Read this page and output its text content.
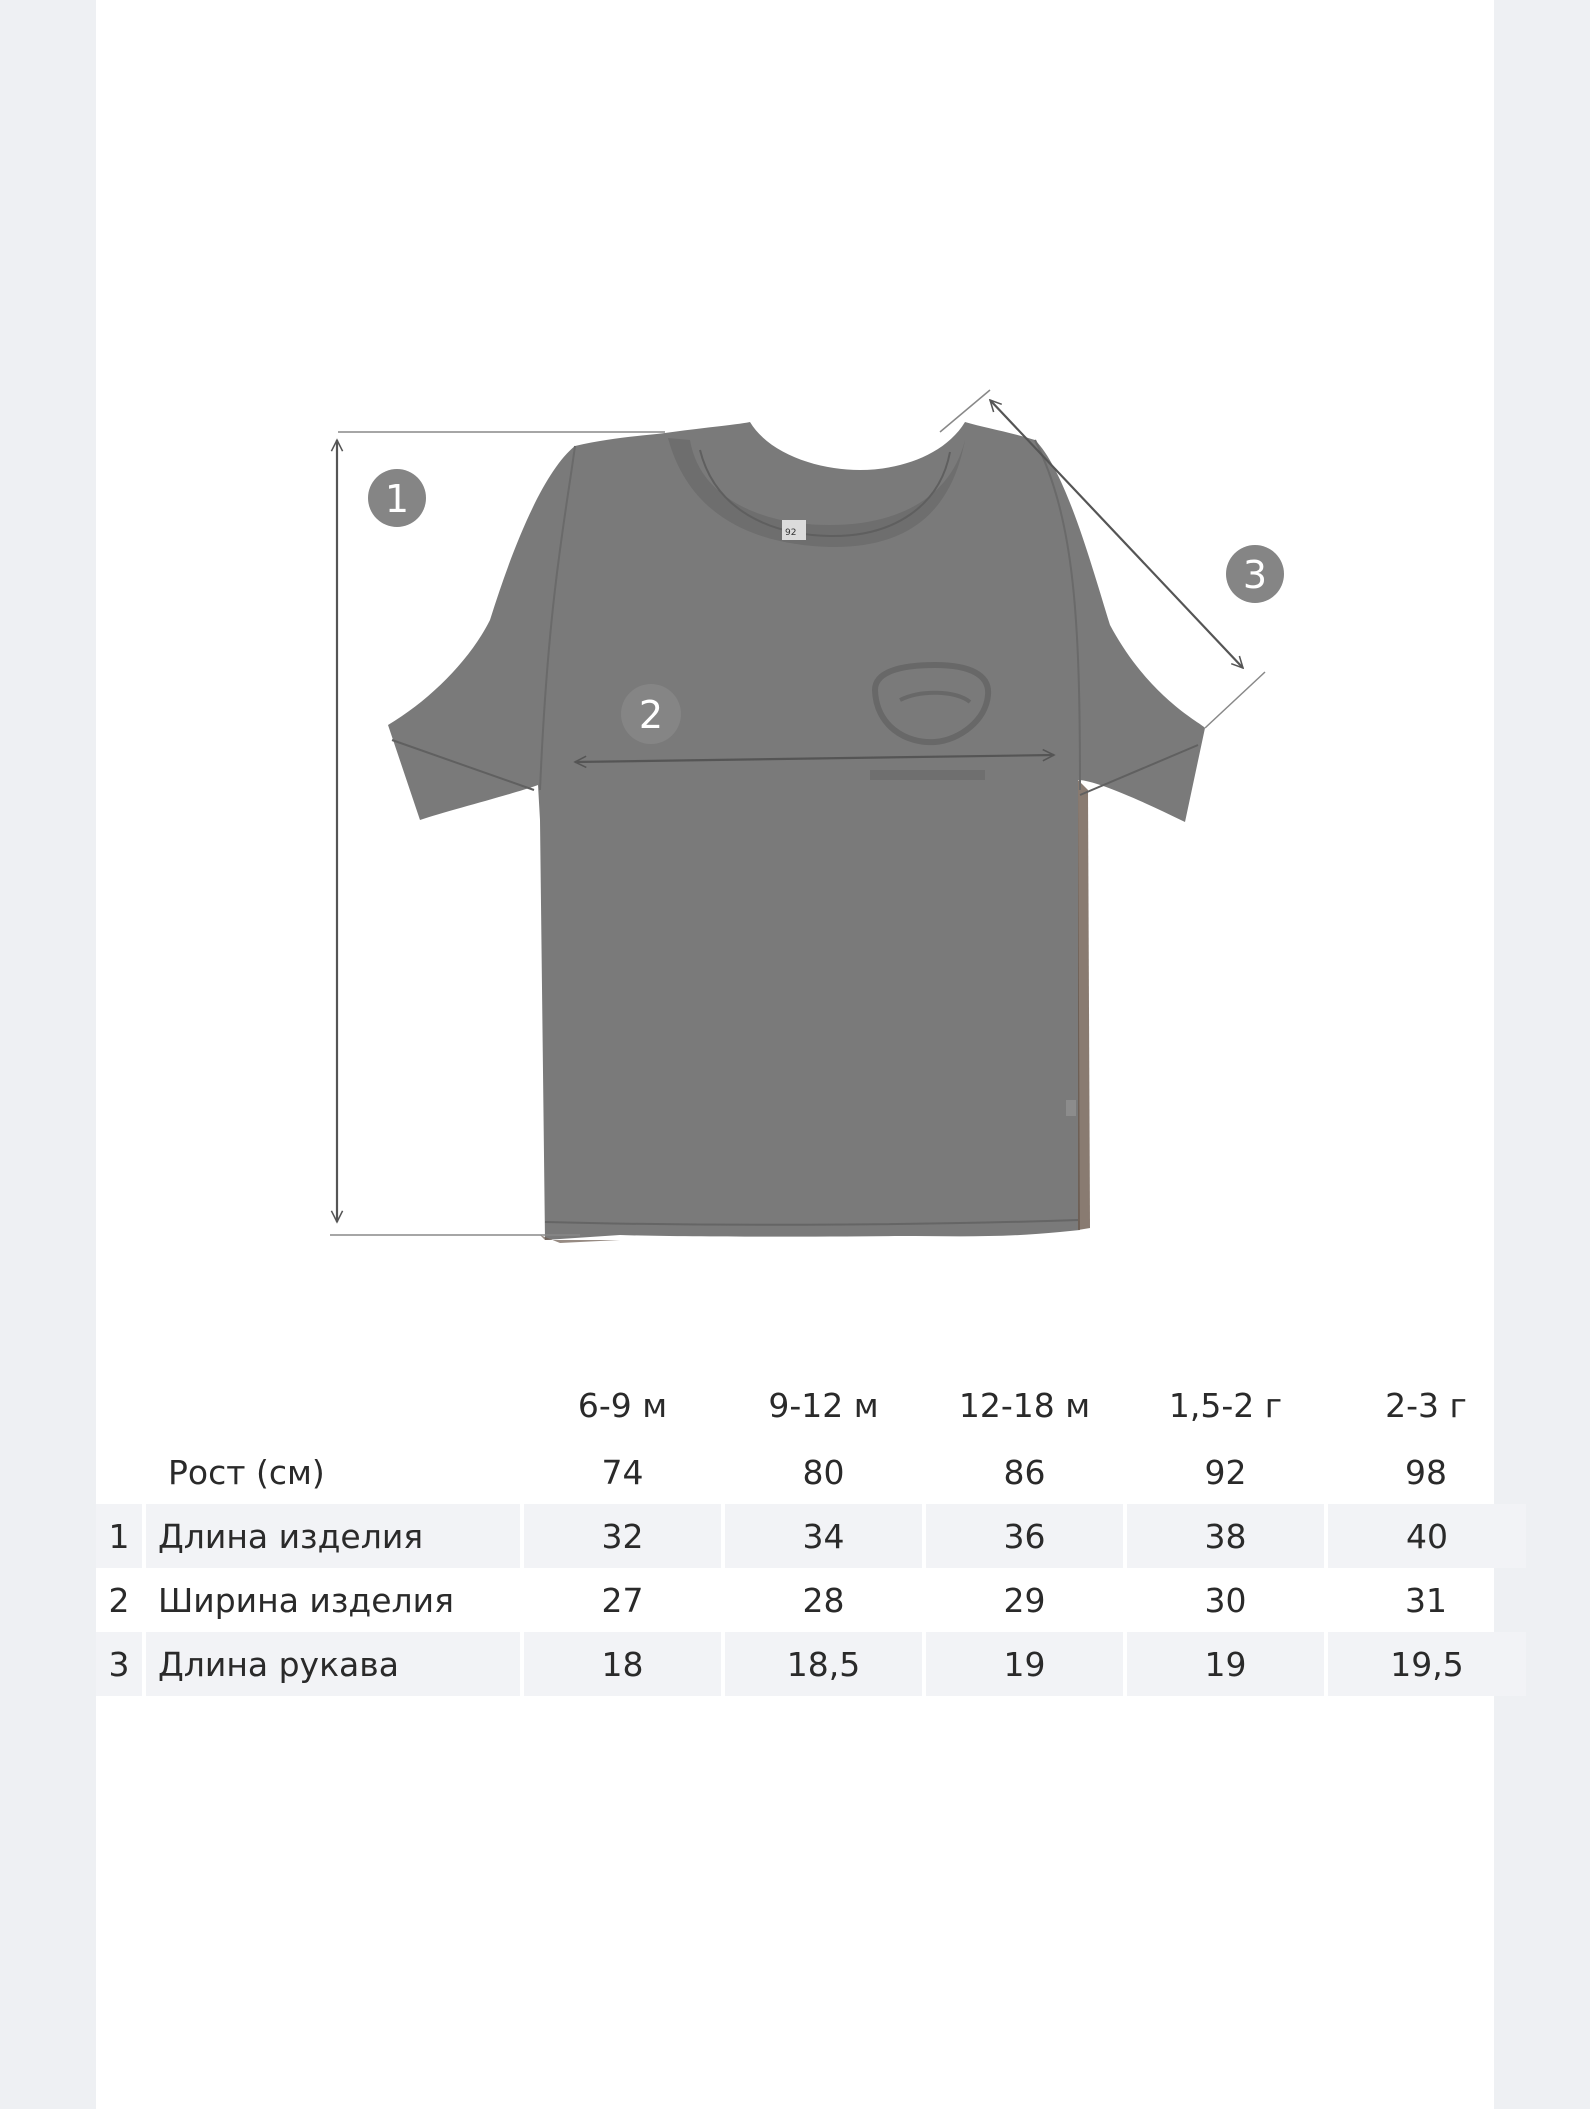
92
1
2
3
		6-9 м	9-12 м	12-18 м	1,5-2 г	2-3 г
	Рост (см)	74	80	86	92	98
1	Длина изделия	32	34	36	38	40
2	Ширина изделия	27	28	29	30	31
3	Длина рукава	18	18,5	19	19	19,5
